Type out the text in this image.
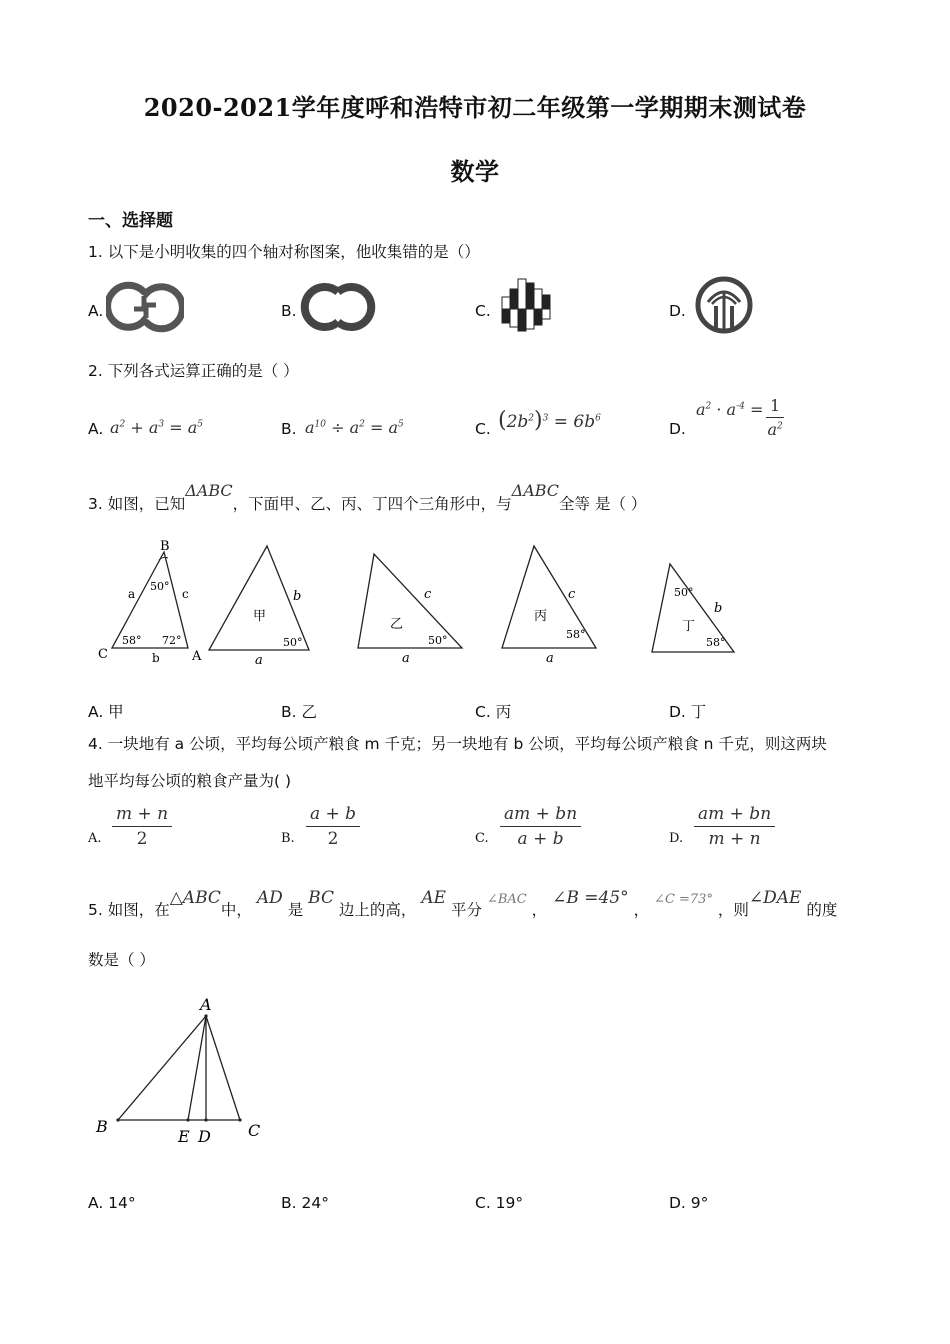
2020-2021学年度呼和浩特市初二年级第一学期期末测试卷
数学
一、选择题
1. 以下是小明收集的四个轴对称图案，他收集错的是（）
A.	B.	C.	D.
2. 下列各式运算正确的是（ ）
A.	B.	C.	D.
$a^2 + a^3 = a^5$	$a^{10} \div a^2 = a^5$	$(2b^2)^3 = 6b^6$	$a^2 \cdot a^{-4} = \frac{1}{a^2}$
3. 如图，已知ΔABC，下面甲、乙、丙、丁四个三角形中，与ΔABC全等 是（ ）
B
C	A
a
b
c
50°
58° 72°
甲
b
a
50°
乙
c
a
50°
丙
c
a
58°
50°
丁
b
58°
A. 甲	B. 乙	C. 丙	D. 丁
4. 一块地有 a 公顷，平均每公顷产粮食 m 千克；另一块地有 b 公顷，平均每公顷产粮食 n 千克，则这两块
地平均每公顷的粮食产量为( )
A.	B.	C.	D.
$\frac{m + n}{2}$	$\frac{a + b}{2}$	$\frac{am + bn}{a + b}$	$\frac{am + bn}{m + n}$
5. 如图，在△ABC中， AD 是 BC 边上的高， AE 平分 $^{\angle BAC}$ ， ∠B =45° ， $^{\angle C =73^\circ}$ ，则∠DAE 的度
数是（ ）
A
B
E D C
A. 14°	B. 24°	C. 19°	D. 9°
